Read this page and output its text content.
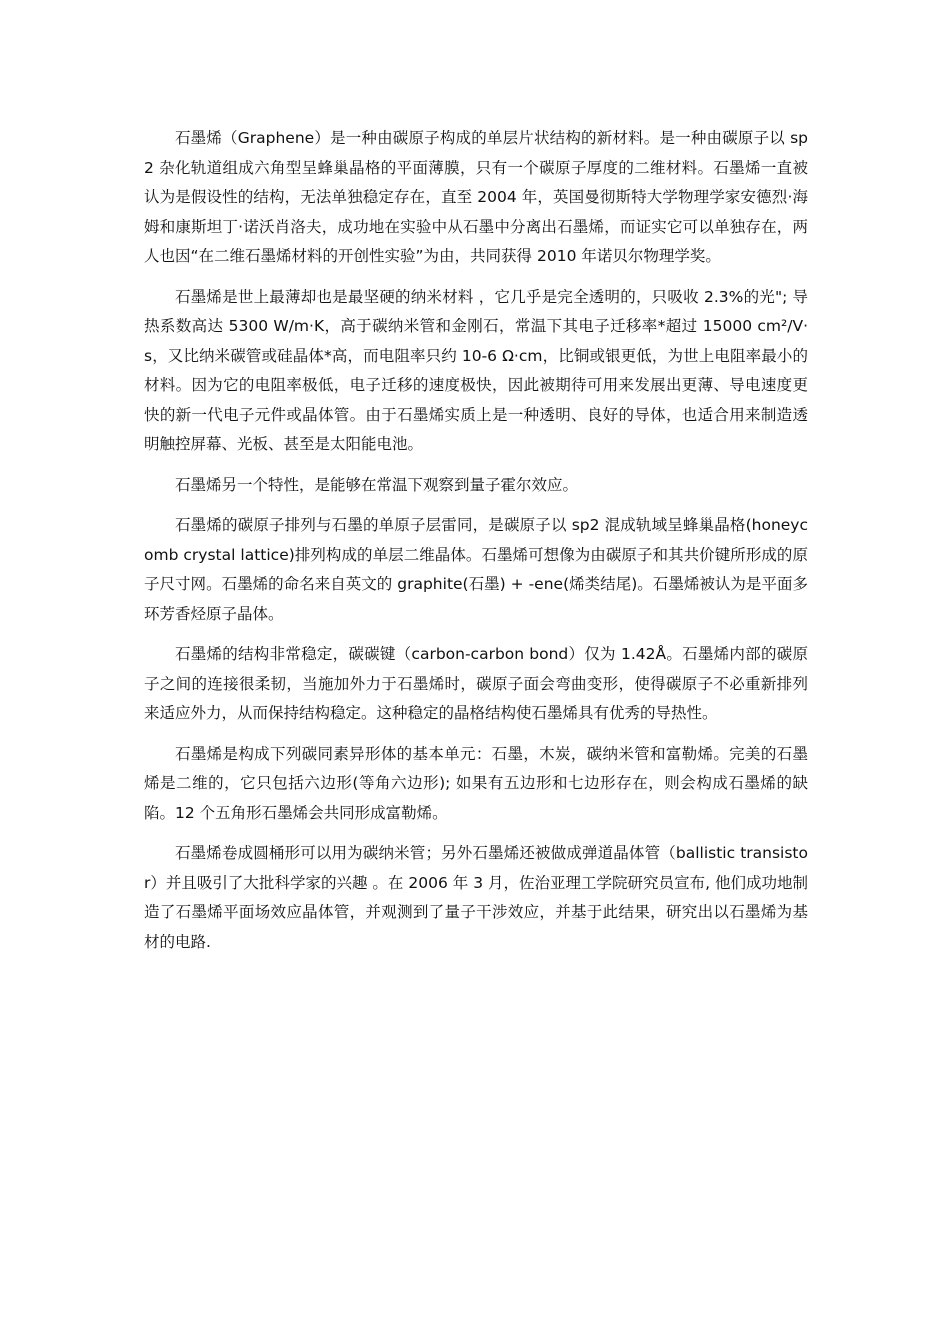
石墨烯（Graphene）是一种由碳原子构成的单层片状结构的新材料。是一种由碳原子以 sp2 杂化轨道组成六角型呈蜂巢晶格的平面薄膜，只有一个碳原子厚度的二维材料。石墨烯一直被认为是假设性的结构，无法单独稳定存在，直至 2004 年，英国曼彻斯特大学物理学家安德烈·海姆和康斯坦丁·诺沃肖洛夫，成功地在实验中从石墨中分离出石墨烯，而证实它可以单独存在，两人也因“在二维石墨烯材料的开创性实验”为由，共同获得 2010 年诺贝尔物理学奖。

石墨烯是世上最薄却也是最坚硬的纳米材料 ，它几乎是完全透明的，只吸收 2.3%的光"; 导热系数高达 5300 W/m·K，高于碳纳米管和金刚石，常温下其电子迁移率*超过 15000 cm²/V·s，又比纳米碳管或硅晶体*高，而电阻率只约 10-6 Ω·cm，比铜或银更低，为世上电阻率最小的材料。因为它的电阻率极低，电子迁移的速度极快，因此被期待可用来发展出更薄、导电速度更快的新一代电子元件或晶体管。由于石墨烯实质上是一种透明、良好的导体，也适合用来制造透明触控屏幕、光板、甚至是太阳能电池。

石墨烯另一个特性，是能够在常温下观察到量子霍尔效应。

石墨烯的碳原子排列与石墨的单原子层雷同，是碳原子以 sp2 混成轨域呈蜂巢晶格(honeycomb crystal lattice)排列构成的单层二维晶体。石墨烯可想像为由碳原子和其共价键所形成的原子尺寸网。石墨烯的命名来自英文的 graphite(石墨) + -ene(烯类结尾)。石墨烯被认为是平面多环芳香烃原子晶体。

石墨烯的结构非常稳定，碳碳键（carbon-carbon bond）仅为 1.42Å。石墨烯内部的碳原子之间的连接很柔韧，当施加外力于石墨烯时，碳原子面会弯曲变形，使得碳原子不必重新排列来适应外力，从而保持结构稳定。这种稳定的晶格结构使石墨烯具有优秀的导热性。

石墨烯是构成下列碳同素异形体的基本单元：石墨，木炭，碳纳米管和富勒烯。完美的石墨烯是二维的，它只包括六边形(等角六边形); 如果有五边形和七边形存在，则会构成石墨烯的缺陷。12 个五角形石墨烯会共同形成富勒烯。

石墨烯卷成圆桶形可以用为碳纳米管；另外石墨烯还被做成弹道晶体管（ballistic transistor）并且吸引了大批科学家的兴趣 。在 2006 年 3 月，佐治亚理工学院研究员宣布, 他们成功地制造了石墨烯平面场效应晶体管，并观测到了量子干涉效应，并基于此结果，研究出以石墨烯为基材的电路.
